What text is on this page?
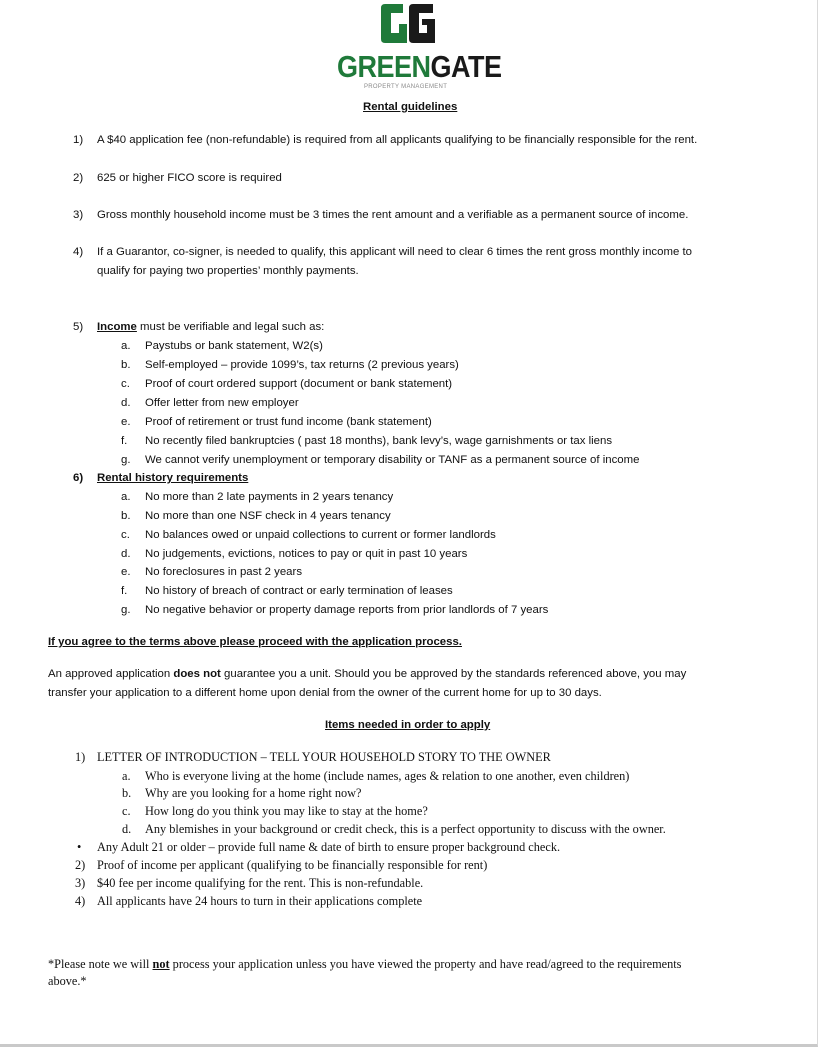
GREENGATE
PROPERTY MANAGEMENT
Rental guidelines
1) A $40 application fee (non-refundable) is required from all applicants qualifying to be financially responsible for the rent.
2) 625 or higher FICO score is required
3) Gross monthly household income must be 3 times the rent amount and a verifiable as a permanent source of income.
4) If a Guarantor, co-signer, is needed to qualify, this applicant will need to clear 6 times the rent gross monthly income to
qualify for paying two properties’ monthly payments.
5) Income must be verifiable and legal such as:
a. Paystubs or bank statement, W2(s)
b. Self-employed – provide 1099’s, tax returns (2 previous years)
c. Proof of court ordered support (document or bank statement)
d. Offer letter from new employer
e. Proof of retirement or trust fund income (bank statement)
f. No recently filed bankruptcies ( past 18 months), bank levy’s, wage garnishments or tax liens
g. We cannot verify unemployment or temporary disability or TANF as a permanent source of income
6) Rental history requirements
a. No more than 2 late payments in 2 years tenancy
b. No more than one NSF check in 4 years tenancy
c. No balances owed or unpaid collections to current or former landlords
d. No judgements, evictions, notices to pay or quit in past 10 years
e. No foreclosures in past 2 years
f. No history of breach of contract or early termination of leases
g. No negative behavior or property damage reports from prior landlords of 7 years
If you agree to the terms above please proceed with the application process.
An approved application does not guarantee you a unit. Should you be approved by the standards referenced above, you may
transfer your application to a different home upon denial from the owner of the current home for up to 30 days.
Items needed in order to apply
1) LETTER OF INTRODUCTION – TELL YOUR HOUSEHOLD STORY TO THE OWNER
a. Who is everyone living at the home (include names, ages & relation to one another, even children)
b. Why are you looking for a home right now?
c. How long do you think you may like to stay at the home?
d. Any blemishes in your background or credit check, this is a perfect opportunity to discuss with the owner.
• Any Adult 21 or older – provide full name & date of birth to ensure proper background check.
2) Proof of income per applicant (qualifying to be financially responsible for rent)
3) $40 fee per income qualifying for the rent. This is non-refundable.
4) All applicants have 24 hours to turn in their applications complete
*Please note we will not process your application unless you have viewed the property and have read/agreed to the requirements
above.*
